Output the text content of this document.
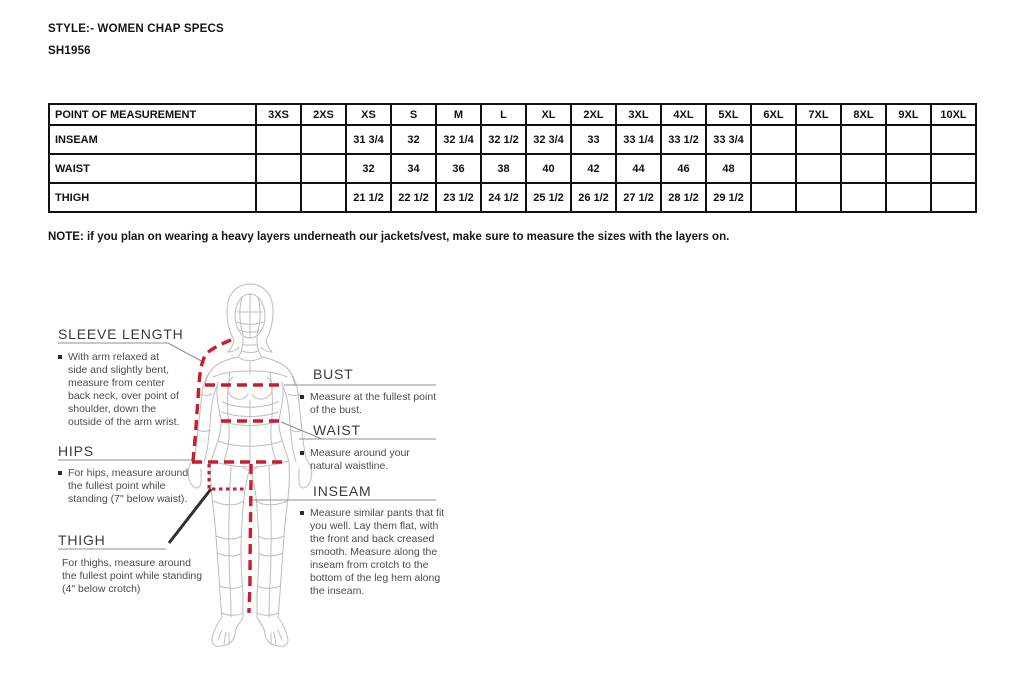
STYLE:- WOMEN CHAP SPECS
SH1956
POINT OF MEASUREMENT	3XS	2XS	XS	S	M	L	XL	2XL	3XL	4XL	5XL	6XL	7XL	8XL	9XL	10XL
INSEAM			31 3/4	32	32 1/4	32 1/2	32 3/4	33	33 1/4	33 1/2	33 3/4					
WAIST			32	34	36	38	40	42	44	46	48					
THIGH			21 1/2	22 1/2	23 1/2	24 1/2	25 1/2	26 1/2	27 1/2	28 1/2	29 1/2					
NOTE: if you plan on wearing a heavy layers underneath our jackets/vest, make sure to measure the sizes with the layers on.
SLEEVE LENGTH
With arm relaxed at side and slightly bent, measure from center back neck, over point of shoulder, down the outside of the arm wrist.
HIPS
For hips, measure around the fullest point while standing (7" below waist).
THIGH
For thighs, measure around the fullest point while standing (4" below crotch)
BUST
Measure at the fullest point of the bust.
WAIST
Measure around your natural waistline.
INSEAM
Measure similar pants that fit you well. Lay them flat, with the front and back creased smooth. Measure along the inseam from crotch to the bottom of the leg hem along the inseam.
